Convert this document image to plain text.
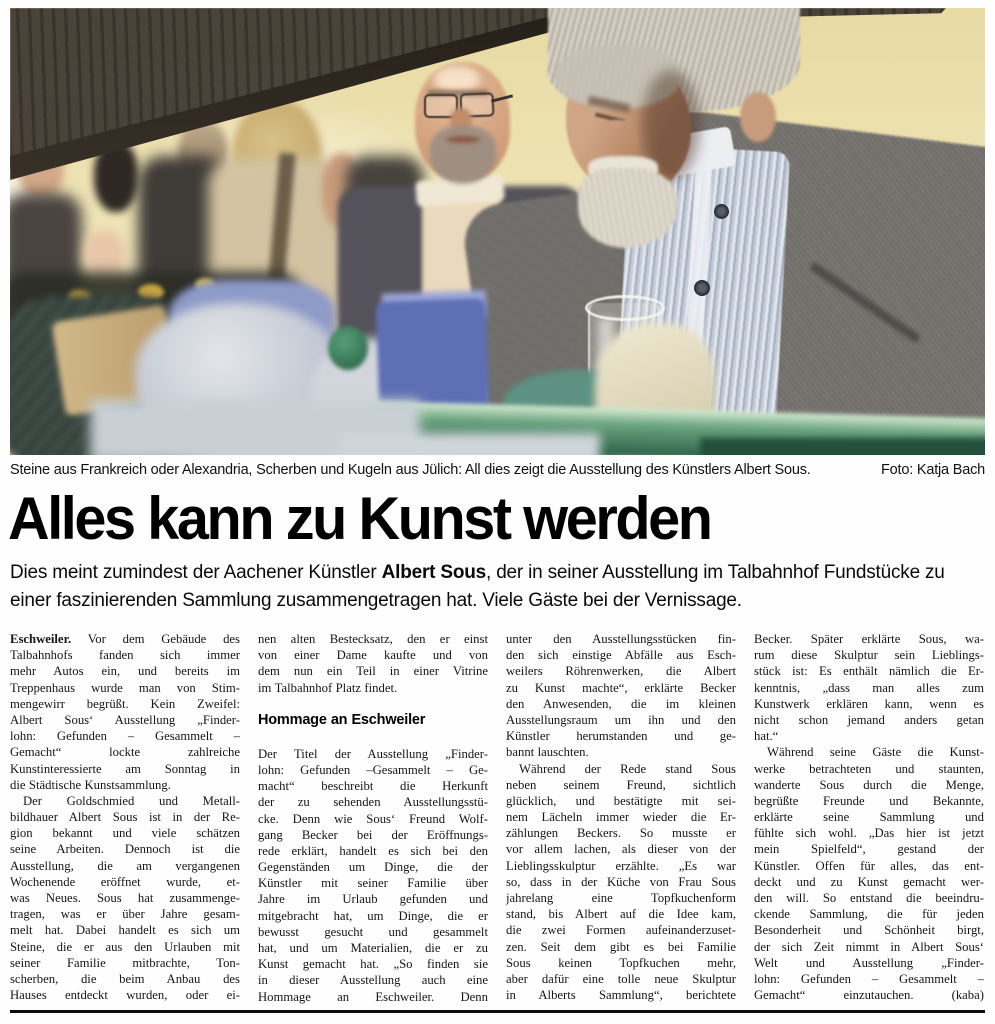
Steine aus Frankreich oder Alexandria, Scherben und Kugeln aus Jülich: All dies zeigt die Ausstellung des Künstlers Albert Sous.	Foto: Katja Bach
Alles kann zu Kunst werden

Dies meint zumindest der Aachener Künstler Albert Sous, der in seiner Ausstellung im Talbahnhof Fundstücke zu einer faszinierenden Sammlung zusammengetragen hat. Viele Gäste bei der Vernissage.

Eschweiler. Vor dem Gebäude des
Talbahnhofs fanden sich immer
mehr Autos ein, und bereits im
Treppenhaus wurde man von Stim-
mengewirr begrüßt. Kein Zweifel:
Albert Sous‘ Ausstellung „Finder-
lohn: Gefunden – Gesammelt –
Gemacht“ lockte zahlreiche
Kunstinteressierte am Sonntag in
die Städtische Kunstsammlung.
Der Goldschmied und Metall-
bildhauer Albert Sous ist in der Re-
gion bekannt und viele schätzen
seine Arbeiten. Dennoch ist die
Ausstellung, die am vergangenen
Wochenende eröffnet wurde, et-
was Neues. Sous hat zusammenge-
tragen, was er über Jahre gesam-
melt hat. Dabei handelt es sich um
Steine, die er aus den Urlauben mit
seiner Familie mitbrachte, Ton-
scherben, die beim Anbau des
Hauses entdeckt wurden, oder ei-
nen alten Bestecksatz, den er einst
von einer Dame kaufte und von
dem nun ein Teil in einer Vitrine
im Talbahnhof Platz findet.
Hommage an Eschweiler
Der Titel der Ausstellung „Finder-
lohn: Gefunden –Gesammelt – Ge-
macht“ beschreibt die Herkunft
der zu sehenden Ausstellungsstü-
cke. Denn wie Sous‘ Freund Wolf-
gang Becker bei der Eröffnungs-
rede erklärt, handelt es sich bei den
Gegenständen um Dinge, die der
Künstler mit seiner Familie über
Jahre im Urlaub gefunden und
mitgebracht hat, um Dinge, die er
bewusst gesucht und gesammelt
hat, und um Materialien, die er zu
Kunst gemacht hat. „So finden sie
in dieser Ausstellung auch eine
Hommage an Eschweiler. Denn
unter den Ausstellungsstücken fin-
den sich einstige Abfälle aus Esch-
weilers Röhrenwerken, die Albert
zu Kunst machte“, erklärte Becker
den Anwesenden, die im kleinen
Ausstellungsraum um ihn und den
Künstler herumstanden und ge-
bannt lauschten.
Während der Rede stand Sous
neben seinem Freund, sichtlich
glücklich, und bestätigte mit sei-
nem Lächeln immer wieder die Er-
zählungen Beckers. So musste er
vor allem lachen, als dieser von der
Lieblingsskulptur erzählte. „Es war
so, dass in der Küche von Frau Sous
jahrelang eine Topfkuchenform
stand, bis Albert auf die Idee kam,
die zwei Formen aufeinanderzuset-
zen. Seit dem gibt es bei Familie
Sous keinen Topfkuchen mehr,
aber dafür eine tolle neue Skulptur
in Alberts Sammlung“, berichtete
Becker. Später erklärte Sous, wa-
rum diese Skulptur sein Lieblings-
stück ist: Es enthält nämlich die Er-
kenntnis, „dass man alles zum
Kunstwerk erklären kann, wenn es
nicht schon jemand anders getan
hat.“
Während seine Gäste die Kunst-
werke betrachteten und staunten,
wanderte Sous durch die Menge,
begrüßte Freunde und Bekannte,
erklärte seine Sammlung und
fühlte sich wohl. „Das hier ist jetzt
mein Spielfeld“, gestand der
Künstler. Offen für alles, das ent-
deckt und zu Kunst gemacht wer-
den will. So entstand die beeindru-
ckende Sammlung, die für jeden
Besonderheit und Schönheit birgt,
der sich Zeit nimmt in Albert Sous‘
Welt und Ausstellung „Finder-
lohn: Gefunden – Gesammelt –
Gemacht“ einzutauchen. (kaba)
